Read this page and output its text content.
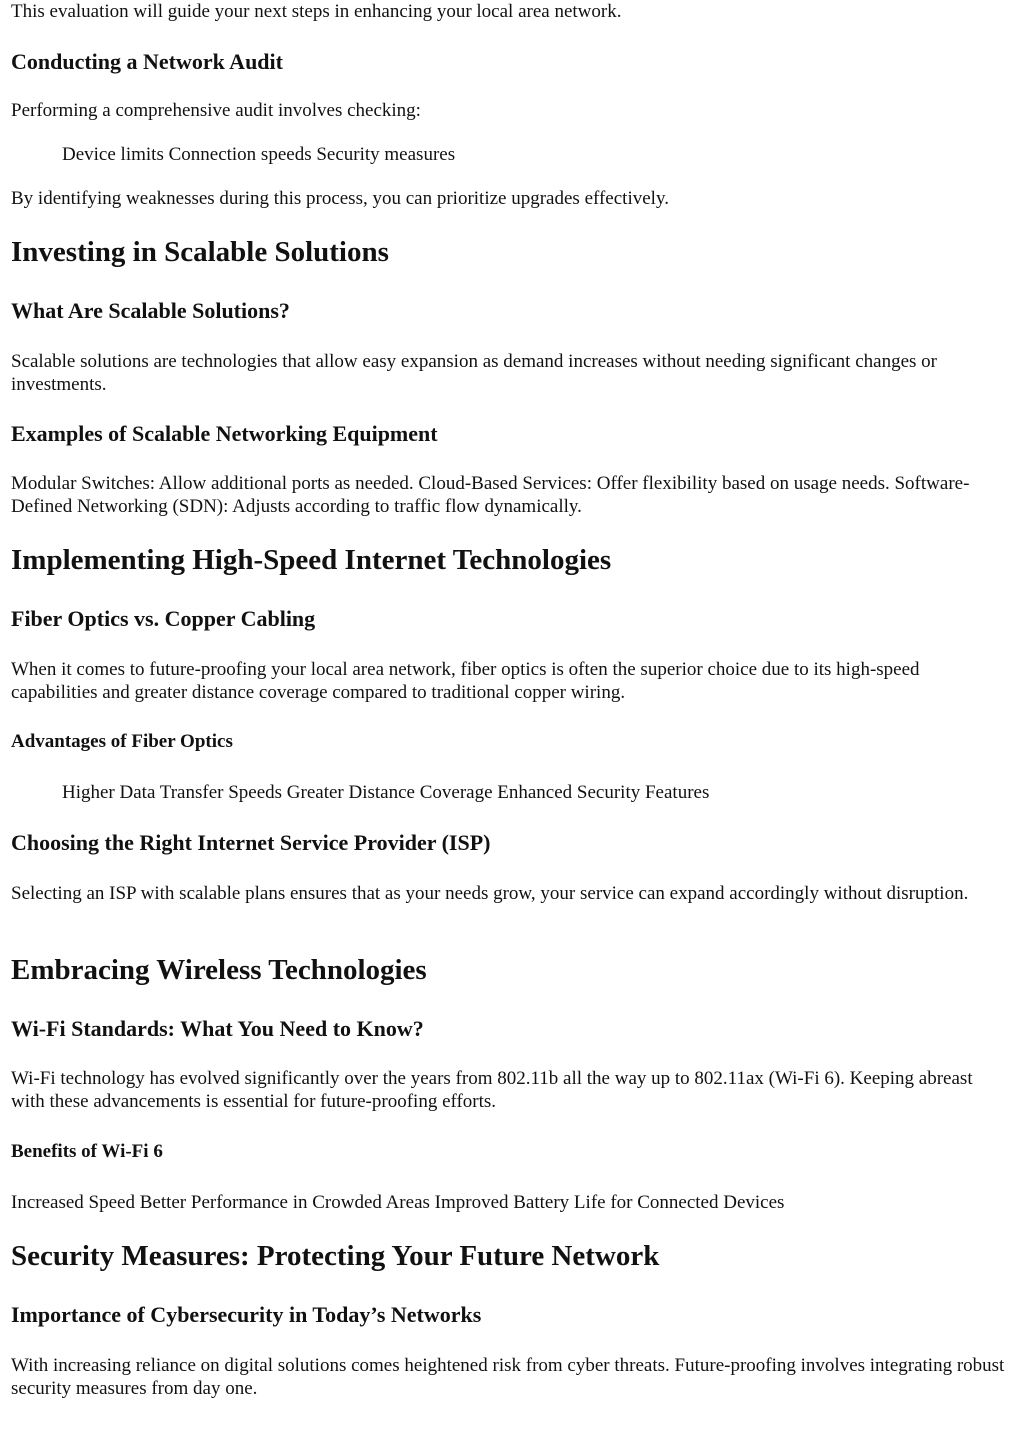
This evaluation will guide your next steps in enhancing your local area network.

Conducting a Network Audit

Performing a comprehensive audit involves checking:

Device limits Connection speeds Security measures

By identifying weaknesses during this process, you can prioritize upgrades effectively.

Investing in Scalable Solutions
What Are Scalable Solutions?

Scalable solutions are technologies that allow easy expansion as demand increases without needing significant changes or investments.

Examples of Scalable Networking Equipment

Modular Switches: Allow additional ports as needed. Cloud-Based Services: Offer flexibility based on usage needs. Software-Defined Networking (SDN): Adjusts according to traffic flow dynamically.

Implementing High-Speed Internet Technologies
Fiber Optics vs. Copper Cabling

When it comes to future-proofing your local area network, fiber optics is often the superior choice due to its high-speed capabilities and greater distance coverage compared to traditional copper wiring.

Advantages of Fiber Optics

Higher Data Transfer Speeds Greater Distance Coverage Enhanced Security Features

Choosing the Right Internet Service Provider (ISP)

Selecting an ISP with scalable plans ensures that as your needs grow, your service can expand accordingly without disruption.

Embracing Wireless Technologies
Wi-Fi Standards: What You Need to Know?

Wi-Fi technology has evolved significantly over the years from 802.11b all the way up to 802.11ax (Wi-Fi 6). Keeping abreast with these advancements is essential for future-proofing efforts.

Benefits of Wi-Fi 6

Increased Speed Better Performance in Crowded Areas Improved Battery Life for Connected Devices

Security Measures: Protecting Your Future Network
Importance of Cybersecurity in Today’s Networks

With increasing reliance on digital solutions comes heightened risk from cyber threats. Future-proofing involves integrating robust security measures from day one.
